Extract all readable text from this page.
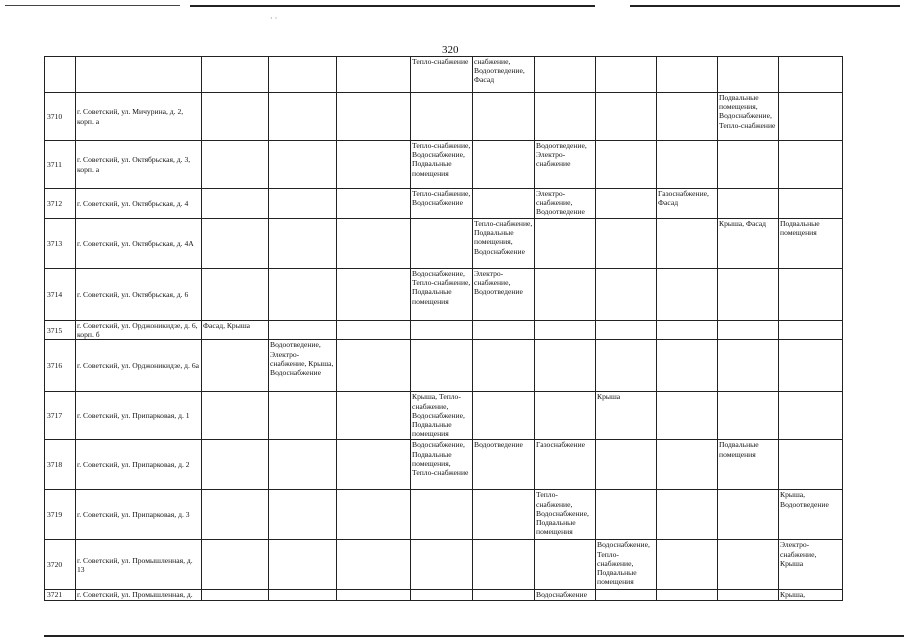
· ·
320
					Тепло-снабжение	снабжение, Водоотведение, Фасад					
3710	г. Советский, ул. Мичурина, д. 2, корп. а									Подвальные помещения, Водоснабжение, Тепло-снабжение	
3711	г. Советский, ул. Октябрьская, д. 3, корп. а				Тепло-снабжение, Водоснабжение, Подвальные помещения		Водоотведение, Электро-снабжение				
3712	г. Советский, ул. Октябрьская, д. 4				Тепло-снабжение, Водоснабжение		Электро-снабжение, Водоотведение		Газоснабжение, Фасад		
3713	г. Советский, ул. Октябрьская, д. 4А					Тепло-снабжение, Подвальные помещения, Водоснабжение				Крыша, Фасад	Подвальные помещения
3714	г. Советский, ул. Октябрьская, д. 6				Водоснабжение, Тепло-снабжение, Подвальные помещения	Электро-снабжение, Водоотведение					
3715	г. Советский, ул. Орджоникидзе, д. 6, корп. б	Фасад, Крыша									
3716	г. Советский, ул. Орджоникидзе, д. 6а		Водоотведение, Электро-снабжение, Крыша, Водоснабжение								
3717	г. Советский, ул. Припарковая, д. 1				Крыша, Тепло-снабжение, Водоснабжение, Подвальные помещения			Крыша			
3718	г. Советский, ул. Припарковая, д. 2				Водоснабжение, Подвальные помещения, Тепло-снабжение	Водоотведение	Газоснабжение			Подвальные помещения	
3719	г. Советский, ул. Припарковая, д. 3						Тепло-снабжение, Водоснабжение, Подвальные помещения				Крыша, Водоотведение
3720	г. Советский, ул. Промышленная, д. 13							Водоснабжение, Тепло-снабжение, Подвальные помещения			Электро-снабжение, Крыша
3721	г. Советский, ул. Промышленная, д.						Водоснабжение				Крыша,
